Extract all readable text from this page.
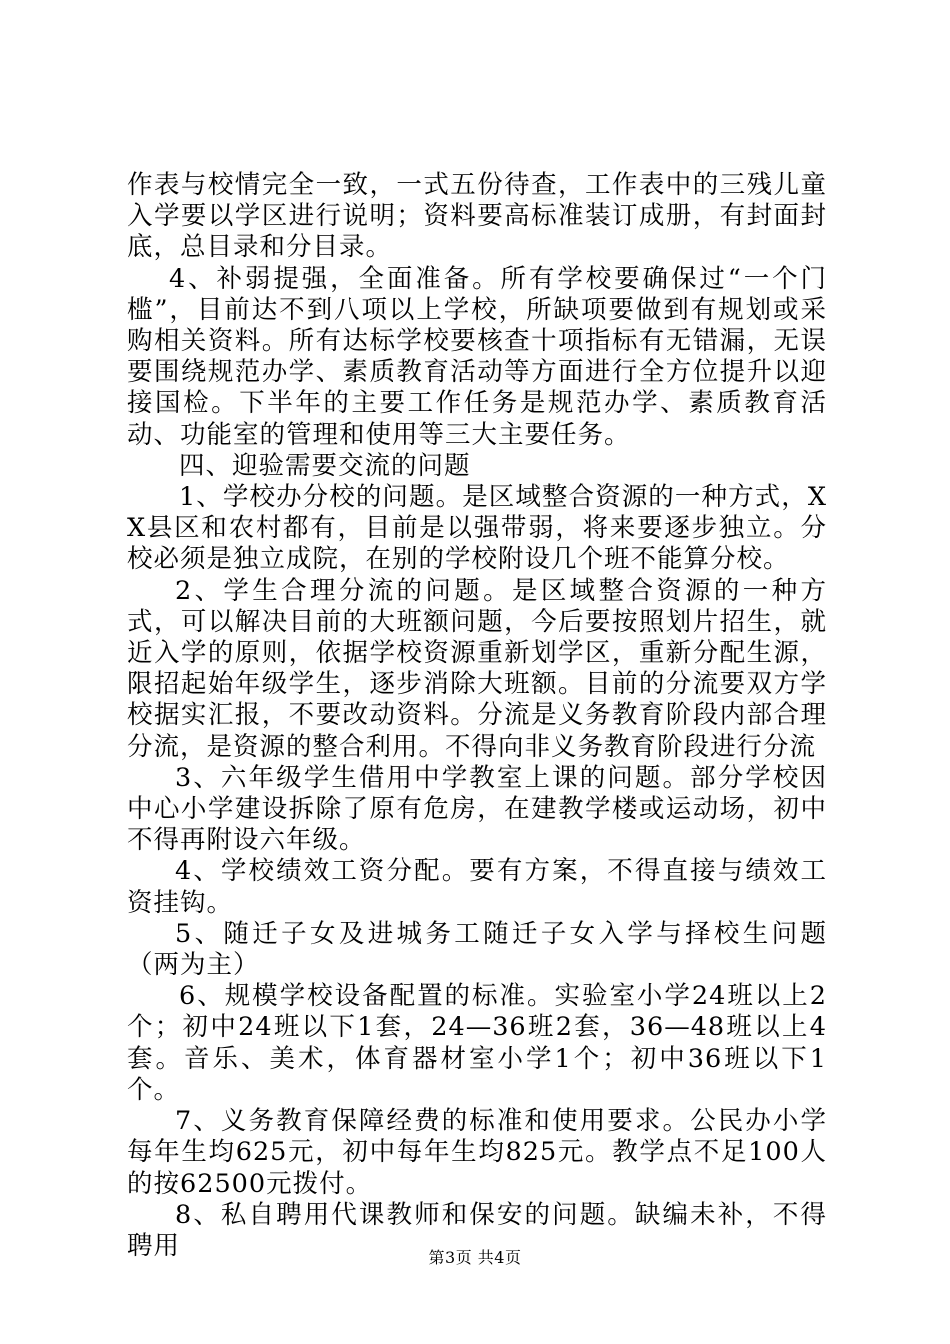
作表与校情完全一致，一式五份待查，工作表中的三残儿童入学要以学区进行说明；资料要高标准装订成册，有封面封底，总目录和分目录。

4、补弱提强，全面准备。所有学校要确保过“一个门槛”，目前达不到八项以上学校，所缺项要做到有规划或采购相关资料。所有达标学校要核查十项指标有无错漏，无误要围绕规范办学、素质教育活动等方面进行全方位提升以迎接国检。下半年的主要工作任务是规范办学、素质教育活动、功能室的管理和使用等三大主要任务。

四、迎验需要交流的问题

1、学校办分校的问题。是区域整合资源的一种方式，XX县区和农村都有，目前是以强带弱，将来要逐步独立。分校必须是独立成院，在别的学校附设几个班不能算分校。

2、学生合理分流的问题。是区域整合资源的一种方式，可以解决目前的大班额问题，今后要按照划片招生，就近入学的原则，依据学校资源重新划学区，重新分配生源，限招起始年级学生，逐步消除大班额。目前的分流要双方学校据实汇报，不要改动资料。分流是义务教育阶段内部合理分流，是资源的整合利用。不得向非义务教育阶段进行分流

3、六年级学生借用中学教室上课的问题。部分学校因中心小学建设拆除了原有危房，在建教学楼或运动场，初中不得再附设六年级。

4、学校绩效工资分配。要有方案，不得直接与绩效工资挂钩。

5、随迁子女及进城务工随迁子女入学与择校生问题（两为主）

6、规模学校设备配置的标准。实验室小学24班以上2个；初中24班以下1套，24—36班2套，36—48班以上4套。音乐、美术，体育器材室小学1个；初中36班以下1个。

7、义务教育保障经费的标准和使用要求。公民办小学每年生均625元，初中每年生均825元。教学点不足100人的按62500元拨付。

8、私自聘用代课教师和保安的问题。缺编未补，不得聘用	第3页 共4页
